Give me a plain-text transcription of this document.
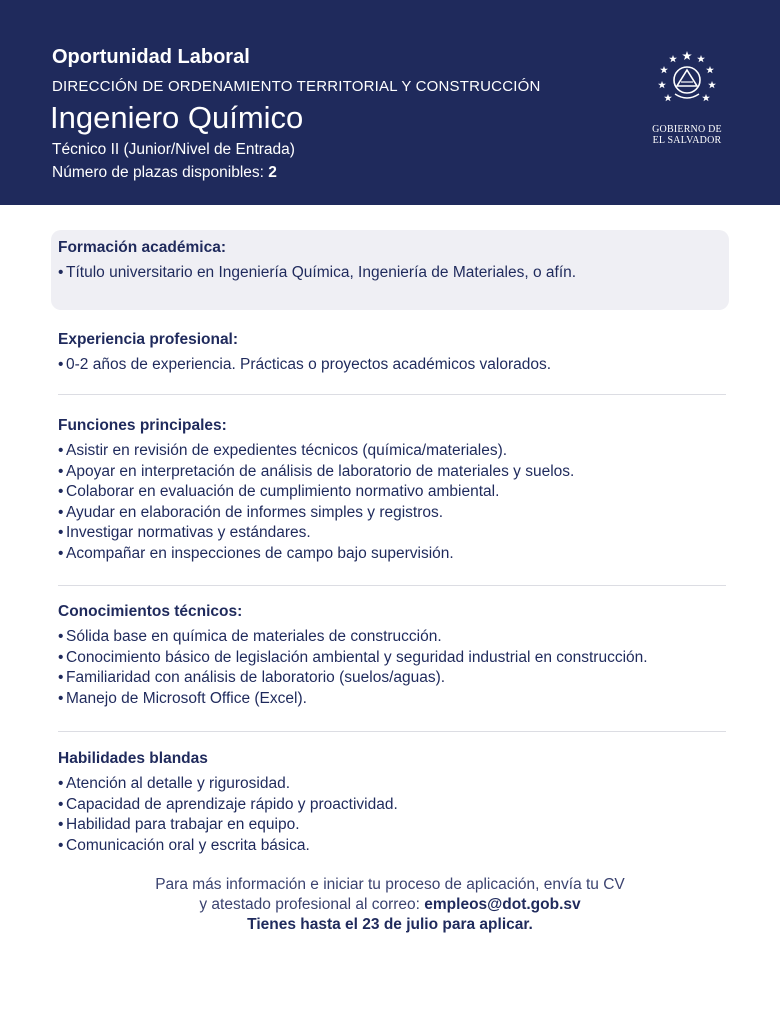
Oportunidad Laboral
DIRECCIÓN DE ORDENAMIENTO TERRITORIAL Y CONSTRUCCIÓN
Ingeniero Químico
Técnico II (Junior/Nivel de Entrada)
Número de plazas disponibles: 2
GOBIERNO DE
EL SALVADOR
Formación académica:
• Título universitario en Ingeniería Química, Ingeniería de Materiales, o afín.
Experiencia profesional:
• 0-2 años de experiencia. Prácticas o proyectos académicos valorados.
Funciones principales:
• Asistir en revisión de expedientes técnicos (química/materiales).
• Apoyar en interpretación de análisis de laboratorio de materiales y suelos.
• Colaborar en evaluación de cumplimiento normativo ambiental.
• Ayudar en elaboración de informes simples y registros.
• Investigar normativas y estándares.
• Acompañar en inspecciones de campo bajo supervisión.
Conocimientos técnicos:
• Sólida base en química de materiales de construcción.
• Conocimiento básico de legislación ambiental y seguridad industrial en construcción.
• Familiaridad con análisis de laboratorio (suelos/aguas).
• Manejo de Microsoft Office (Excel).
Habilidades blandas
• Atención al detalle y rigurosidad.
• Capacidad de aprendizaje rápido y proactividad.
• Habilidad para trabajar en equipo.
• Comunicación oral y escrita básica.
Para más información e iniciar tu proceso de aplicación, envía tu CV
y atestado profesional al correo: empleos@dot.gob.sv
Tienes hasta el 23 de julio para aplicar.
